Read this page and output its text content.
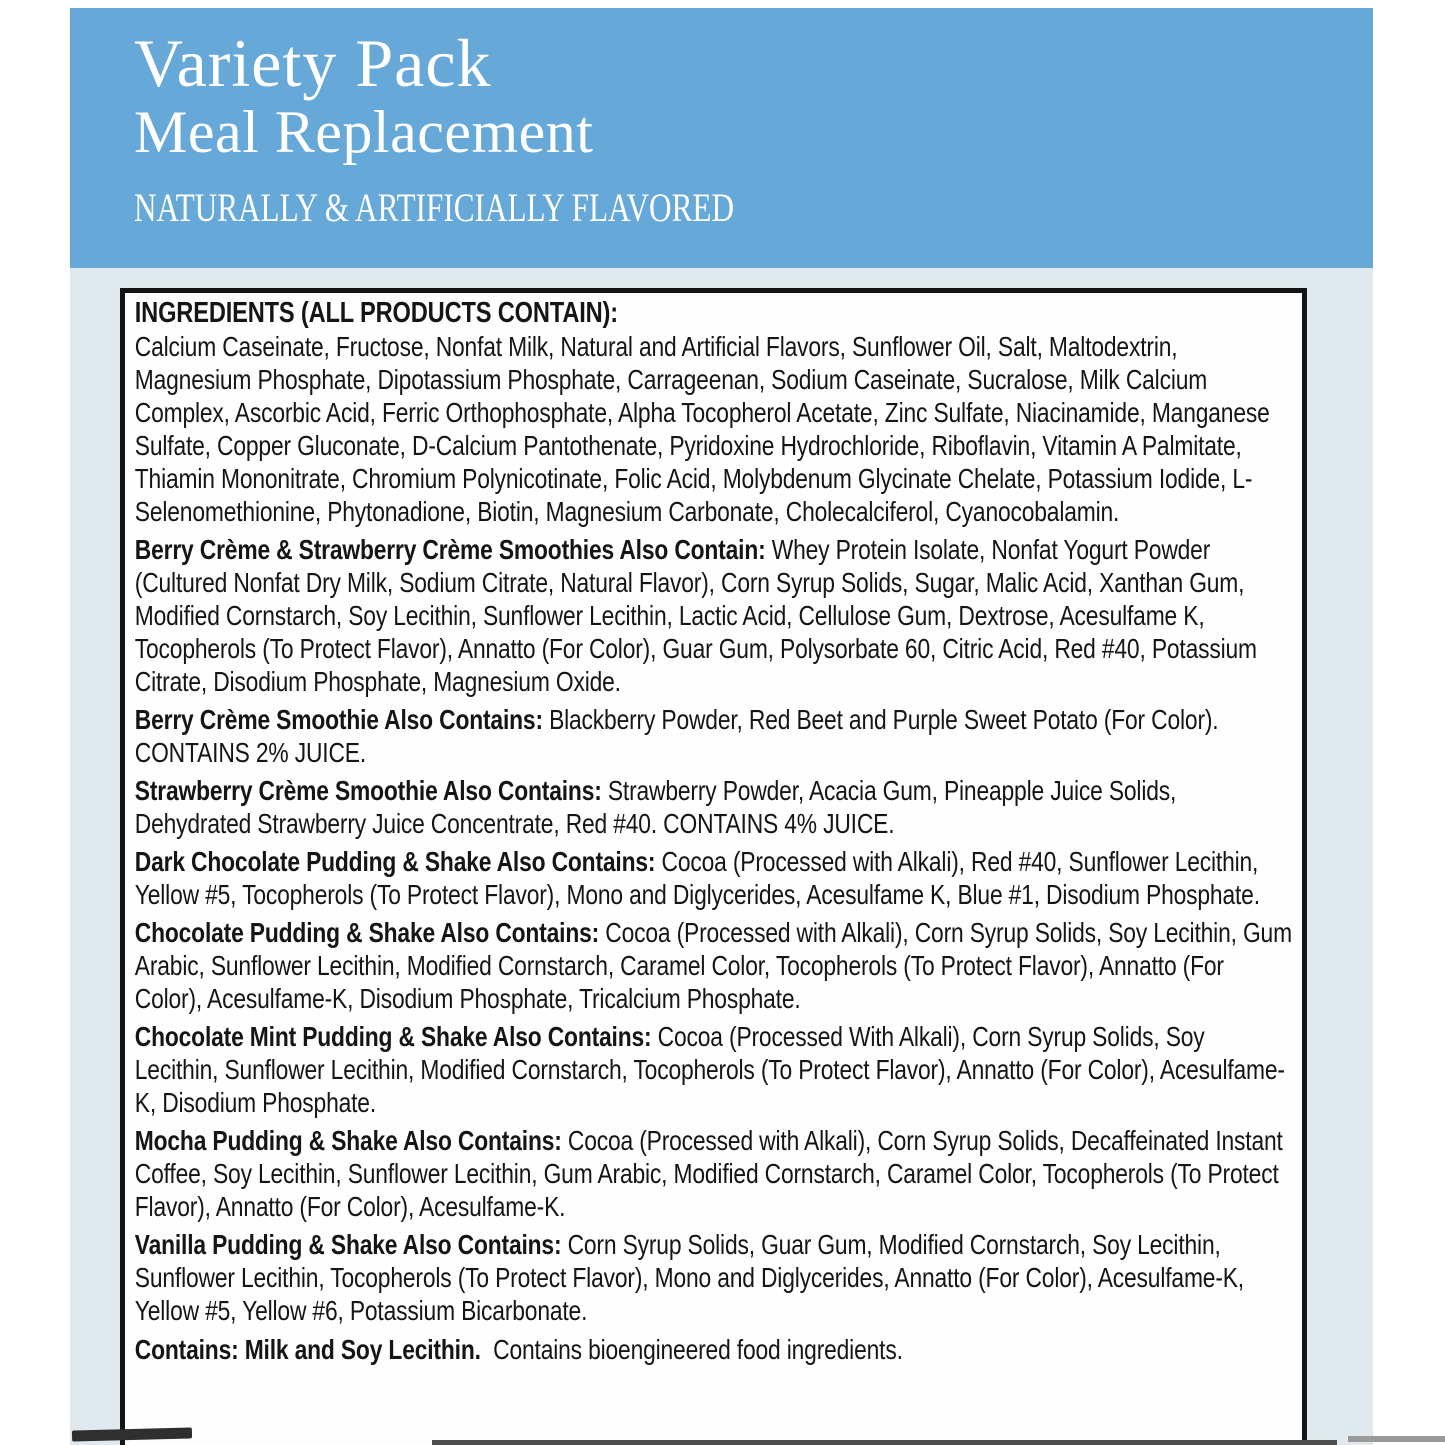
Variety Pack
Meal Replacement
NATURALLY & ARTIFICIALLY FLAVORED

INGREDIENTS (ALL PRODUCTS CONTAIN):

Calcium Caseinate, Fructose, Nonfat Milk, Natural and Artificial Flavors, Sunflower Oil, Salt, Maltodextrin, Magnesium Phosphate, Dipotassium Phosphate, Carrageenan, Sodium Caseinate, Sucralose, Milk Calcium Complex, Ascorbic Acid, Ferric Orthophosphate, Alpha Tocopherol Acetate, Zinc Sulfate, Niacinamide, Manganese Sulfate, Copper Gluconate, D-Calcium Pantothenate, Pyridoxine Hydrochloride, Riboflavin, Vitamin A Palmitate, Thiamin Mononitrate, Chromium Polynicotinate, Folic Acid, Molybdenum Glycinate Chelate, Potassium Iodide, L-Selenomethionine, Phytonadione, Biotin, Magnesium Carbonate, Cholecalciferol, Cyanocobalamin.

Berry Crème & Strawberry Crème Smoothies Also Contain: Whey Protein Isolate, Nonfat Yogurt Powder (Cultured Nonfat Dry Milk, Sodium Citrate, Natural Flavor), Corn Syrup Solids, Sugar, Malic Acid, Xanthan Gum, Modified Cornstarch, Soy Lecithin, Sunflower Lecithin, Lactic Acid, Cellulose Gum, Dextrose, Acesulfame K, Tocopherols (To Protect Flavor), Annatto (For Color), Guar Gum, Polysorbate 60, Citric Acid, Red #40, Potassium Citrate, Disodium Phosphate, Magnesium Oxide.

Berry Crème Smoothie Also Contains: Blackberry Powder, Red Beet and Purple Sweet Potato (For Color). CONTAINS 2% JUICE.

Strawberry Crème Smoothie Also Contains: Strawberry Powder, Acacia Gum, Pineapple Juice Solids, Dehydrated Strawberry Juice Concentrate, Red #40. CONTAINS 4% JUICE.

Dark Chocolate Pudding & Shake Also Contains: Cocoa (Processed with Alkali), Red #40, Sunflower Lecithin, Yellow #5, Tocopherols (To Protect Flavor), Mono and Diglycerides, Acesulfame K, Blue #1, Disodium Phosphate.

Chocolate Pudding & Shake Also Contains: Cocoa (Processed with Alkali), Corn Syrup Solids, Soy Lecithin, Gum Arabic, Sunflower Lecithin, Modified Cornstarch, Caramel Color, Tocopherols (To Protect Flavor), Annatto (For Color), Acesulfame-K, Disodium Phosphate, Tricalcium Phosphate.

Chocolate Mint Pudding & Shake Also Contains: Cocoa (Processed With Alkali), Corn Syrup Solids, Soy Lecithin, Sunflower Lecithin, Modified Cornstarch, Tocopherols (To Protect Flavor), Annatto (For Color), Acesulfame-K, Disodium Phosphate.

Mocha Pudding & Shake Also Contains: Cocoa (Processed with Alkali), Corn Syrup Solids, Decaffeinated Instant Coffee, Soy Lecithin, Sunflower Lecithin, Gum Arabic, Modified Cornstarch, Caramel Color, Tocopherols (To Protect Flavor), Annatto (For Color), Acesulfame-K.

Vanilla Pudding & Shake Also Contains: Corn Syrup Solids, Guar Gum, Modified Cornstarch, Soy Lecithin, Sunflower Lecithin, Tocopherols (To Protect Flavor), Mono and Diglycerides, Annatto (For Color), Acesulfame-K, Yellow #5, Yellow #6, Potassium Bicarbonate.

Contains: Milk and Soy Lecithin. Contains bioengineered food ingredients.
